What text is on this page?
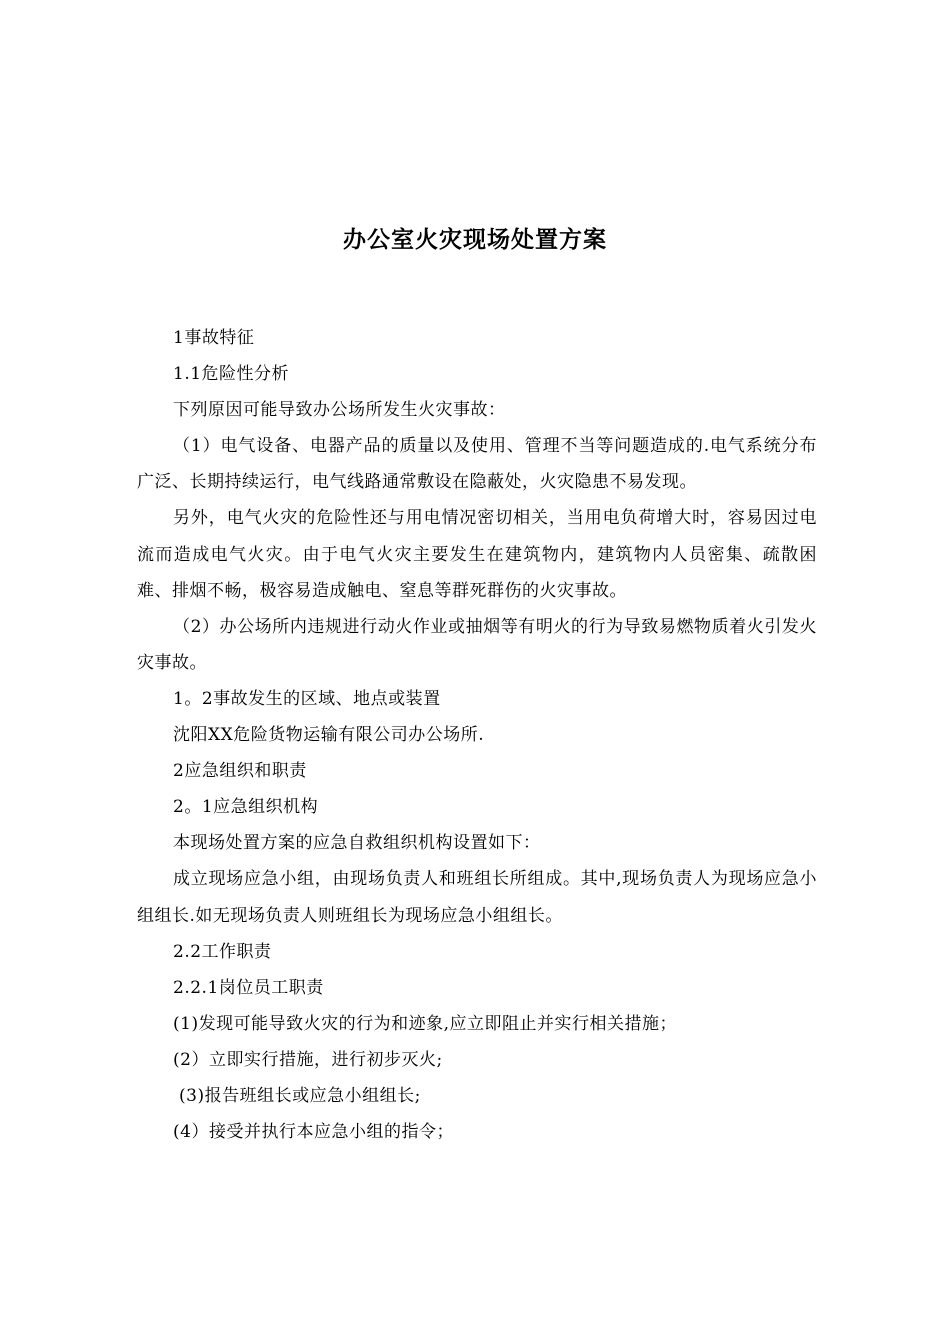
办公室火灾现场处置方案

1事故特征

1.1危险性分析

下列原因可能导致办公场所发生火灾事故：

（1）电气设备、电器产品的质量以及使用、管理不当等问题造成的.电气系统分布广泛、长期持续运行，电气线路通常敷设在隐蔽处，火灾隐患不易发现。

另外，电气火灾的危险性还与用电情况密切相关，当用电负荷增大时，容易因过电流而造成电气火灾。由于电气火灾主要发生在建筑物内，建筑物内人员密集、疏散困难、排烟不畅，极容易造成触电、窒息等群死群伤的火灾事故。

（2）办公场所内违规进行动火作业或抽烟等有明火的行为导致易燃物质着火引发火灾事故。

1。2事故发生的区域、地点或装置

沈阳XX危险货物运输有限公司办公场所.

2应急组织和职责

2。1应急组织机构

本现场处置方案的应急自救组织机构设置如下：

成立现场应急小组，由现场负责人和班组长所组成。其中,现场负责人为现场应急小组组长.如无现场负责人则班组长为现场应急小组组长。

2.2工作职责

2.2.1岗位员工职责

(1)发现可能导致火灾的行为和迹象,应立即阻止并实行相关措施；

(2）立即实行措施，进行初步灭火;

(3)报告班组长或应急小组组长;

(4）接受并执行本应急小组的指令；
